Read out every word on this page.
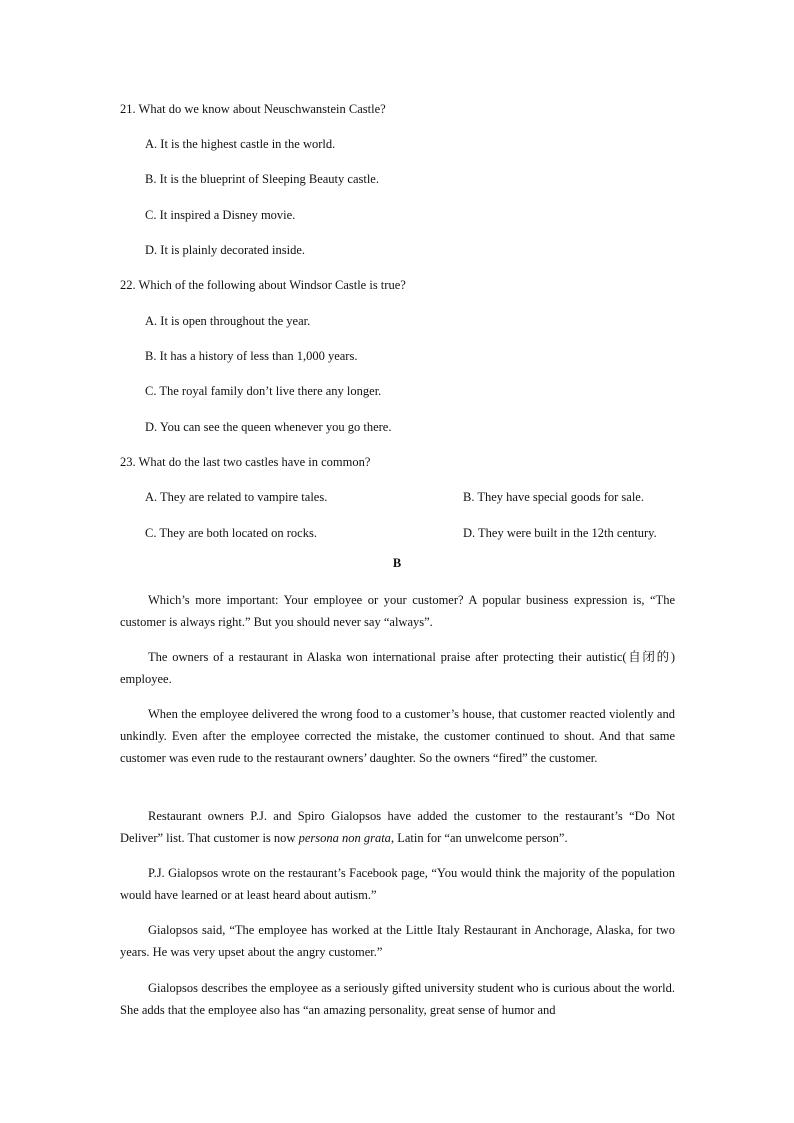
21. What do we know about Neuschwanstein Castle?
A. It is the highest castle in the world.
B. It is the blueprint of Sleeping Beauty castle.
C. It inspired a Disney movie.
D. It is plainly decorated inside.
22. Which of the following about Windsor Castle is true?
A. It is open throughout the year.
B. It has a history of less than 1,000 years.
C. The royal family don’t live there any longer.
D. You can see the queen whenever you go there.
23. What do the last two castles have in common?
A. They are related to vampire tales.	B. They have special goods for sale.
C. They are both located on rocks.	D. They were built in the 12th century.
B
Which’s more important: Your employee or your customer? A popular business expression is, “The customer is always right.” But you should never say “always”.
The owners of a restaurant in Alaska won international praise after protecting their autistic(自闭的) employee.
When the employee delivered the wrong food to a customer’s house, that customer reacted violently and unkindly. Even after the employee corrected the mistake, the customer continued to shout. And that same customer was even rude to the restaurant owners’ daughter. So the owners “fired” the customer.
Restaurant owners P.J. and Spiro Gialopsos have added the customer to the restaurant’s “Do Not Deliver” list. That customer is now persona non grata, Latin for “an unwelcome person”.
P.J. Gialopsos wrote on the restaurant’s Facebook page, “You would think the majority of the population would have learned or at least heard about autism.”
Gialopsos said, “The employee has worked at the Little Italy Restaurant in Anchorage, Alaska, for two years. He was very upset about the angry customer.”
Gialopsos describes the employee as a seriously gifted university student who is curious about the world. She adds that the employee also has “an amazing personality, great sense of humor and
